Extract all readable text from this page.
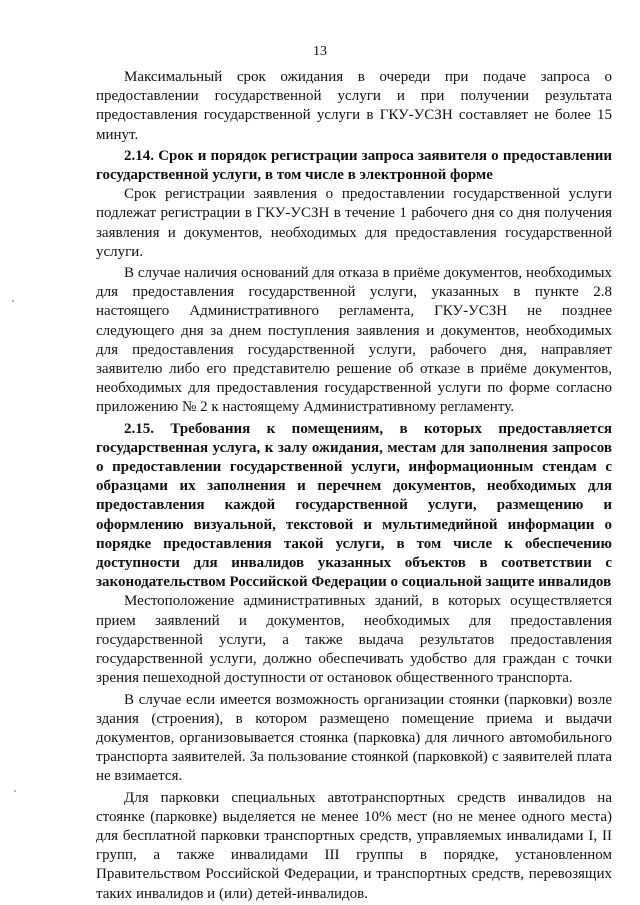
13

Максимальный срок ожидания в очереди при подаче запроса о предоставлении государственной услуги и при получении результата предоставления государственной услуги в ГКУ-УСЗН составляет не более 15 минут.

2.14. Срок и порядок регистрации запроса заявителя о предоставлении государственной услуги, в том числе в электронной форме

Срок регистрации заявления о предоставлении государственной услуги подлежат регистрации в ГКУ-УСЗН в течение 1 рабочего дня со дня получения заявления и документов, необходимых для предоставления государственной услуги.

В случае наличия оснований для отказа в приёме документов, необходимых для предоставления государственной услуги, указанных в пункте 2.8 настоящего Административного регламента, ГКУ-УСЗН не позднее следующего дня за днем поступления заявления и документов, необходимых для предоставления государственной услуги, рабочего дня, направляет заявителю либо его представителю решение об отказе в приёме документов, необходимых для предоставления государственной услуги по форме согласно приложению № 2 к настоящему Административному регламенту.

2.15. Требования к помещениям, в которых предоставляется государственная услуга, к залу ожидания, местам для заполнения запросов о предоставлении государственной услуги, информационным стендам с образцами их заполнения и перечнем документов, необходимых для предоставления каждой государственной услуги, размещению и оформлению визуальной, текстовой и мультимедийной информации о порядке предоставления такой услуги, в том числе к обеспечению доступности для инвалидов указанных объектов в соответствии с законодательством Российской Федерации о социальной защите инвалидов

Местоположение административных зданий, в которых осуществляется прием заявлений и документов, необходимых для предоставления государственной услуги, а также выдача результатов предоставления государственной услуги, должно обеспечивать удобство для граждан с точки зрения пешеходной доступности от остановок общественного транспорта.

В случае если имеется возможность организации стоянки (парковки) возле здания (строения), в котором размещено помещение приема и выдачи документов, организовывается стоянка (парковка) для личного автомобильного транспорта заявителей. За пользование стоянкой (парковкой) с заявителей плата не взимается.

Для парковки специальных автотранспортных средств инвалидов на стоянке (парковке) выделяется не менее 10% мест (но не менее одного места) для бесплатной парковки транспортных средств, управляемых инвалидами I, II групп, а также инвалидами III группы в порядке, установленном Правительством Российской Федерации, и транспортных средств, перевозящих таких инвалидов и (или) детей-инвалидов.
